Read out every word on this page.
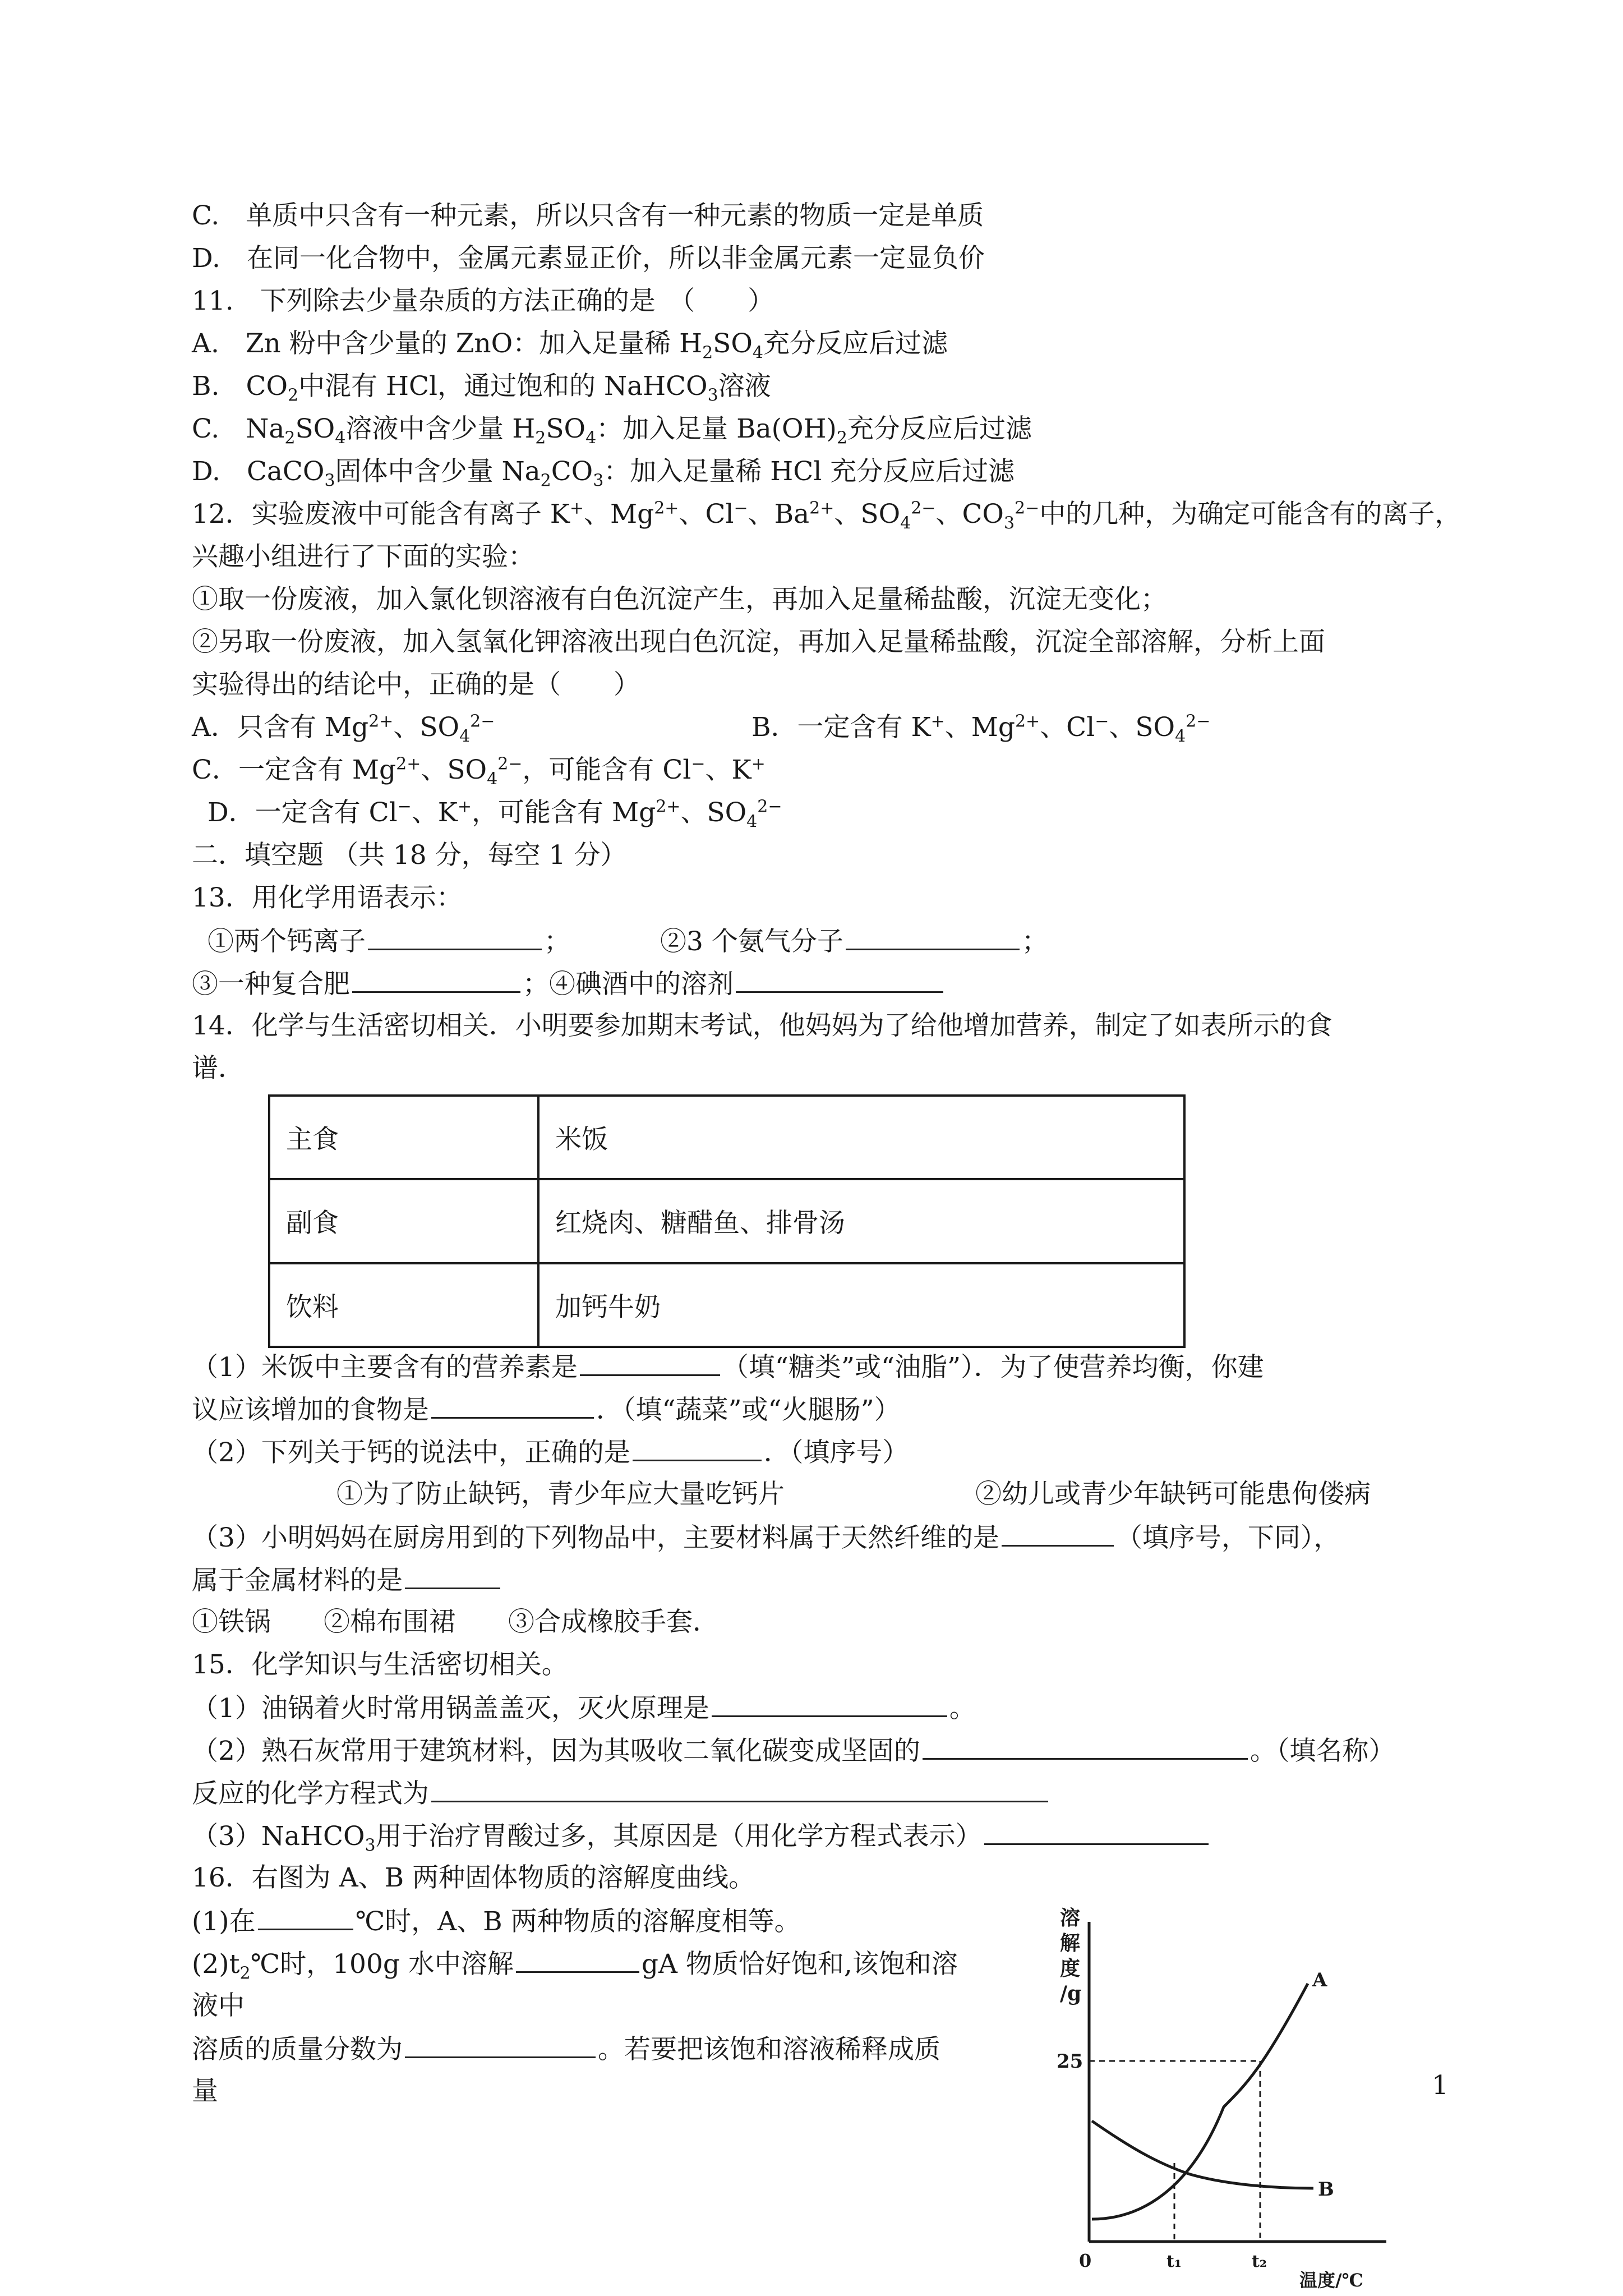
C.　单质中只含有一种元素，所以只含有一种元素的物质一定是单质
D.　在同一化合物中，金属元素显正价，所以非金属元素一定显负价
11.　下列除去少量杂质的方法正确的是　（　　）
A.　Zn 粉中含少量的 ZnO：加入足量稀 $H_2SO_4$充分反应后过滤
B.　$CO_2$中混有 HCl，通过饱和的 NaHCO$_3$溶液
C.　$Na_2SO_4$溶液中含少量 $H_2SO_4$：加入足量 $Ba(OH)_2$充分反应后过滤
D.　CaCO$_3$固体中含少量 $Na_2CO_3$：加入足量稀 HCl 充分反应后过滤
12．实验废液中可能含有离子 K+、$Mg^{2+}$、Cl−、$Ba^{2+}$、$SO_4^{2-}$、$CO_3^{2-}$中的几种，为确定可能含有的离子，
兴趣小组进行了下面的实验：
①取一份废液，加入氯化钡溶液有白色沉淀产生，再加入足量稀盐酸，沉淀无变化；
②另取一份废液，加入氢氧化钾溶液出现白色沉淀，再加入足量稀盐酸，沉淀全部溶解，分析上面
实验得出的结论中，正确的是（　　）
A．只含有 $Mg^{2+}$、$SO_4^{2-}$	B．一定含有 K+、$Mg^{2+}$、Cl−、$SO_4^{2-}$
C．一定含有 $Mg^{2+}$、$SO_4^{2-}$，可能含有 Cl−、K+
D．一定含有 Cl−、K+，可能含有 $Mg^{2+}$、$SO_4^{2-}$
二．填空题 （共 18 分，每空 1 分）
13．用化学用语表示：
①两个钙离子	；	②3 个氨气分子	；
③一种复合肥	；④碘酒中的溶剂
14．化学与生活密切相关．小明要参加期末考试，他妈妈为了给他增加营养，制定了如表所示的食
谱．
主食	米饭
副食	红烧肉、糖醋鱼、排骨汤
饮料	加钙牛奶
（1）米饭中主要含有的营养素是	（填“糖类”或“油脂”）．为了使营养均衡，你建
议应该增加的食物是	．（填“蔬菜”或“火腿肠”）
（2）下列关于钙的说法中，正确的是	．（填序号）
①为了防止缺钙，青少年应大量吃钙片	②幼儿或青少年缺钙可能患佝偻病
（3）小明妈妈在厨房用到的下列物品中，主要材料属于天然纤维的是	（填序号，下同），
属于金属材料的是
①铁锅　　②棉布围裙　　③合成橡胶手套．
15．化学知识与生活密切相关。
（1）油锅着火时常用锅盖盖灭，灭火原理是	。
（2）熟石灰常用于建筑材料，因为其吸收二氧化碳变成坚固的	。（填名称）
反应的化学方程式为
（3）NaHCO$_3$用于治疗胃酸过多，其原因是（用化学方程式表示）
16．右图为 A、B 两种固体物质的溶解度曲线。
(1)在	℃时，A、B 两种物质的溶解度相等。
$(2)t_2℃$时，100g 水中溶解	gA 物质恰好饱和,该饱和溶
液中
溶质的质量分数为	。若要把该饱和溶液稀释成质
量	1
溶
解
度
/g
A
B
25
0	t₁	t₂
温度/℃
